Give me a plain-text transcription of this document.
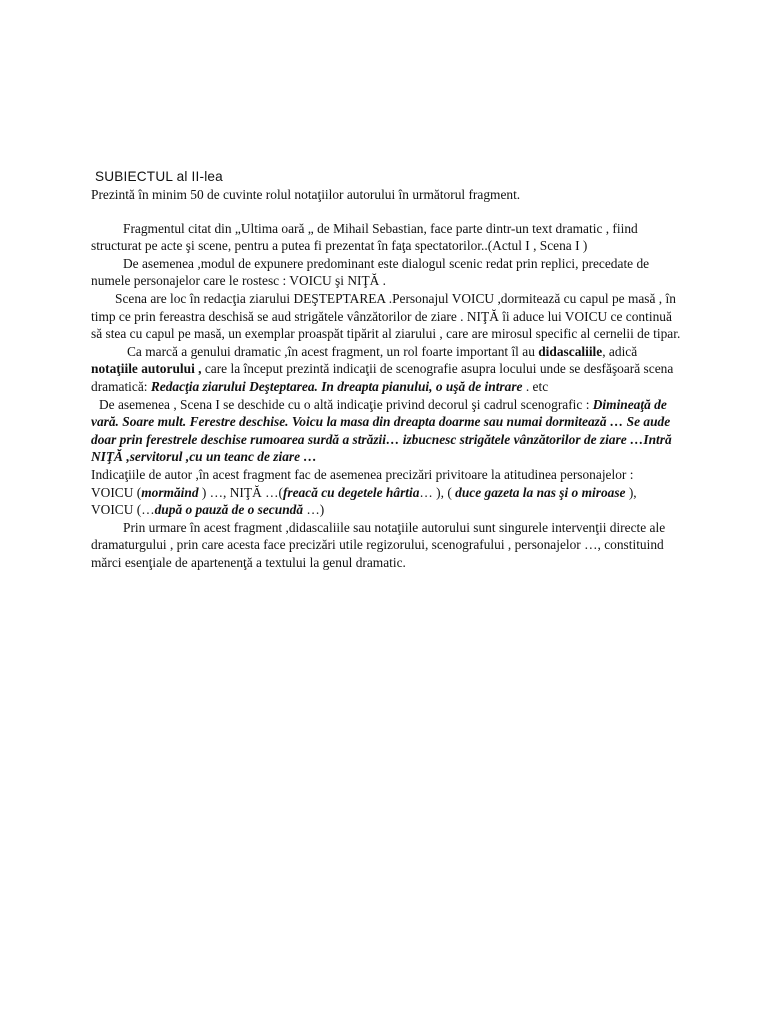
SUBIECTUL al II-lea

Prezintă în minim 50 de cuvinte rolul notaţiilor autorului în următorul fragment.

Fragmentul citat din „Ultima oară „ de Mihail Sebastian, face parte dintr-un text dramatic , fiind structurat pe acte şi scene, pentru a putea fi prezentat în faţa spectatorilor..(Actul I , Scena I )

De asemenea ,modul de expunere predominant este dialogul scenic redat prin replici, precedate de numele personajelor care le rostesc : VOICU şi NIŢĂ .

Scena are loc în redacţia ziarului DEŞTEPTAREA .Personajul VOICU ,dormitează cu capul pe masă , în timp ce prin fereastra deschisă se aud strigătele vânzătorilor de ziare . NIŢĂ îi aduce lui VOICU ce continuă să stea cu capul pe masă, un exemplar proaspăt tipărit al ziarului , care are mirosul specific al cernelii de tipar.

Ca marcă a genului dramatic ,în acest fragment, un rol foarte important îl au didascaliile, adică notaţiile autorului , care la început prezintă indicaţii de scenografie asupra locului unde se desfăşoară scena dramatică: Redacţia ziarului Deşteptarea. In dreapta pianului, o uşă de intrare . etc

De asemenea , Scena I se deschide cu o altă indicaţie privind decorul şi cadrul scenografic : Dimineaţă de vară. Soare mult. Ferestre deschise. Voicu la masa din dreapta doarme sau numai dormitează … Se aude doar prin ferestrele deschise rumoarea surdă a străzii… izbucnesc strigătele vânzătorilor de ziare …Intră NIŢĂ ,servitorul ,cu un teanc de ziare …

Indicaţiile de autor ,în acest fragment fac de asemenea precizări privitoare la atitudinea personajelor :

VOICU (mormăind ) …, NIŢĂ …(freacă cu degetele hârtia… ), ( duce gazeta la nas şi o miroase ), VOICU (…după o pauză de o secundă …)

Prin urmare în acest fragment ,didascaliile sau notaţiile autorului sunt singurele intervenţii directe ale dramaturgului , prin care acesta face precizări utile regizorului, scenografului , personajelor …, constituind mărci esenţiale de apartenenţă a textului la genul dramatic.
